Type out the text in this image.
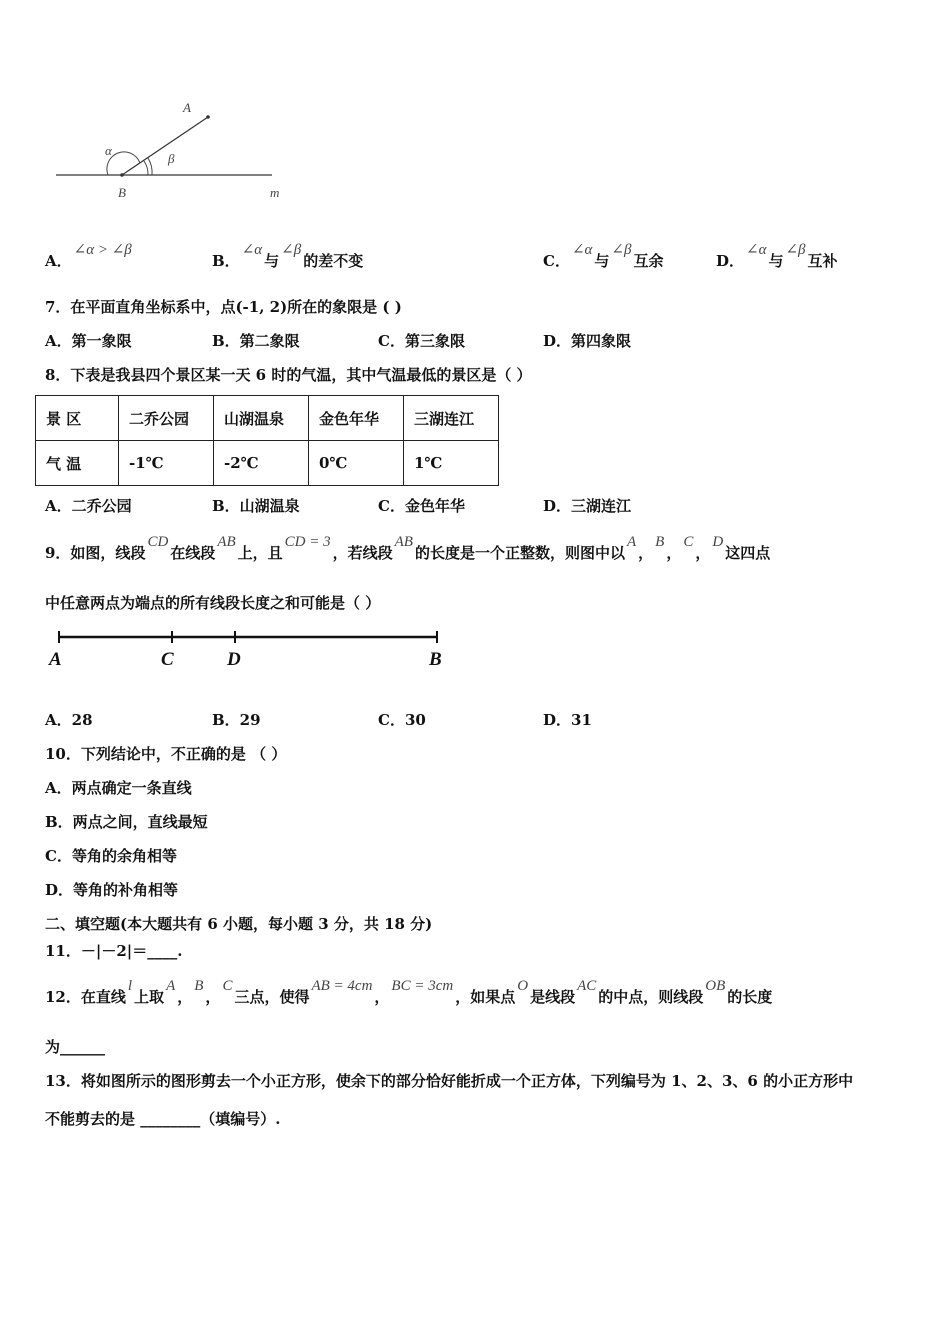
A
α
β
B	m
A．∠α > ∠β
B．∠α与∠β的差不变	C．∠α与∠β互余	D．∠α与∠β互补
7．在平面直角坐标系中，点(-1, 2)所在的象限是 ( )
A．第一象限	B．第二象限	C．第三象限	D．第四象限
8．下表是我县四个景区某一天 6 时的气温，其中气温最低的景区是（ ）
景 区	二乔公园	山湖温泉	金色年华	三湖连江
气 温	-1℃	-2℃	0℃	1℃
A．二乔公园	B．山湖温泉	C．金色年华	D．三湖连江
9．如图，线段CD在线段AB上，且CD = 3，若线段AB的长度是一个正整数，则图中以A，B，C，D这四点
中任意两点为端点的所有线段长度之和可能是（ ）
A	C	D	B
A．28	B．29	C．30	D．31
10．下列结论中，不正确的是 （ ）
A．两点确定一条直线
B．两点之间，直线最短
C．等角的余角相等
D．等角的补角相等
二、填空题(本大题共有 6 小题，每小题 3 分，共 18 分)
11．－|－2|＝____.
12．在直线l上取A，B，C三点，使得AB = 4cm，BC = 3cm，如果点O是线段AC的中点，则线段OB的长度
为______
13．将如图所示的图形剪去一个小正方形，使余下的部分恰好能折成一个正方体，下列编号为 1、2、3、6 的小正方形中
不能剪去的是 ________（填编号）.
